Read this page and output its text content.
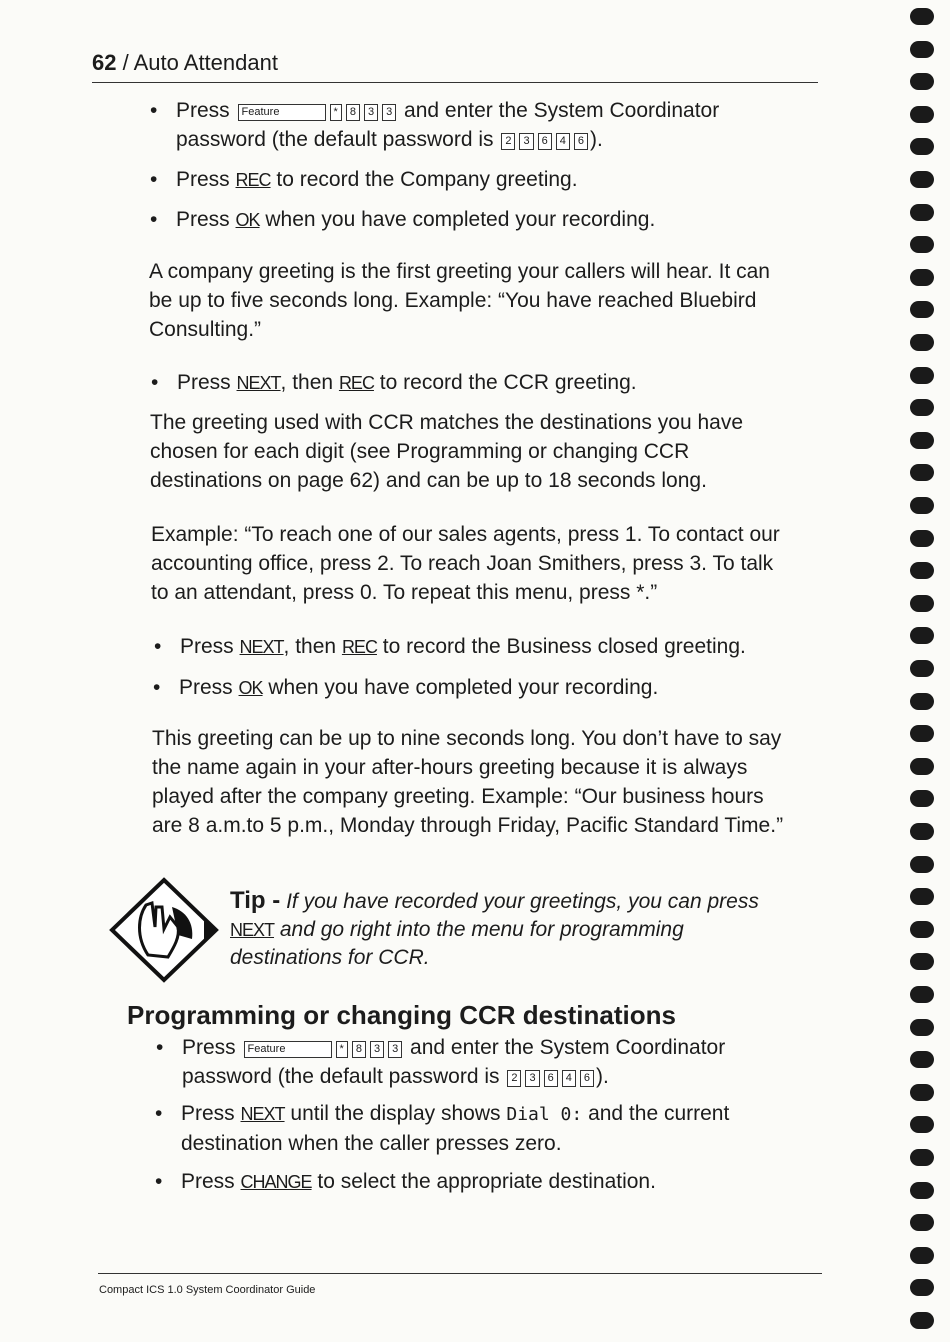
62 / Auto Attendant
• Press Feature	* 8 3 3 and enter the System Coordinator
password (the default password is 2 3 6 4 6 ).
• Press REC to record the Company greeting.
• Press OK when you have completed your recording.
A company greeting is the first greeting your callers will hear. It can
be up to five seconds long. Example: “You have reached Bluebird
Consulting.”
• Press NEXT, then REC to record the CCR greeting.
The greeting used with CCR matches the destinations you have
chosen for each digit (see Programming or changing CCR
destinations on page 62) and can be up to 18 seconds long.
Example: “To reach one of our sales agents, press 1. To contact our
accounting office, press 2. To reach Joan Smithers, press 3. To talk
to an attendant, press 0. To repeat this menu, press *.”
• Press NEXT, then REC to record the Business closed greeting.
• Press OK when you have completed your recording.
This greeting can be up to nine seconds long. You don’t have to say
the name again in your after-hours greeting because it is always
played after the company greeting. Example: “Our business hours
are 8 a.m.to 5 p.m., Monday through Friday, Pacific Standard Time.”
Tip - If you have recorded your greetings, you can press
NEXT and go right into the menu for programming
destinations for CCR.
Programming or changing CCR destinations
• Press Feature	* 8 3 3 and enter the System Coordinator
password (the default password is 2 3 6 4 6 ).
• Press NEXT until the display shows Dial 0: and the current
destination when the caller presses zero.
• Press CHANGE to select the appropriate destination.
Compact ICS 1.0 System Coordinator Guide
